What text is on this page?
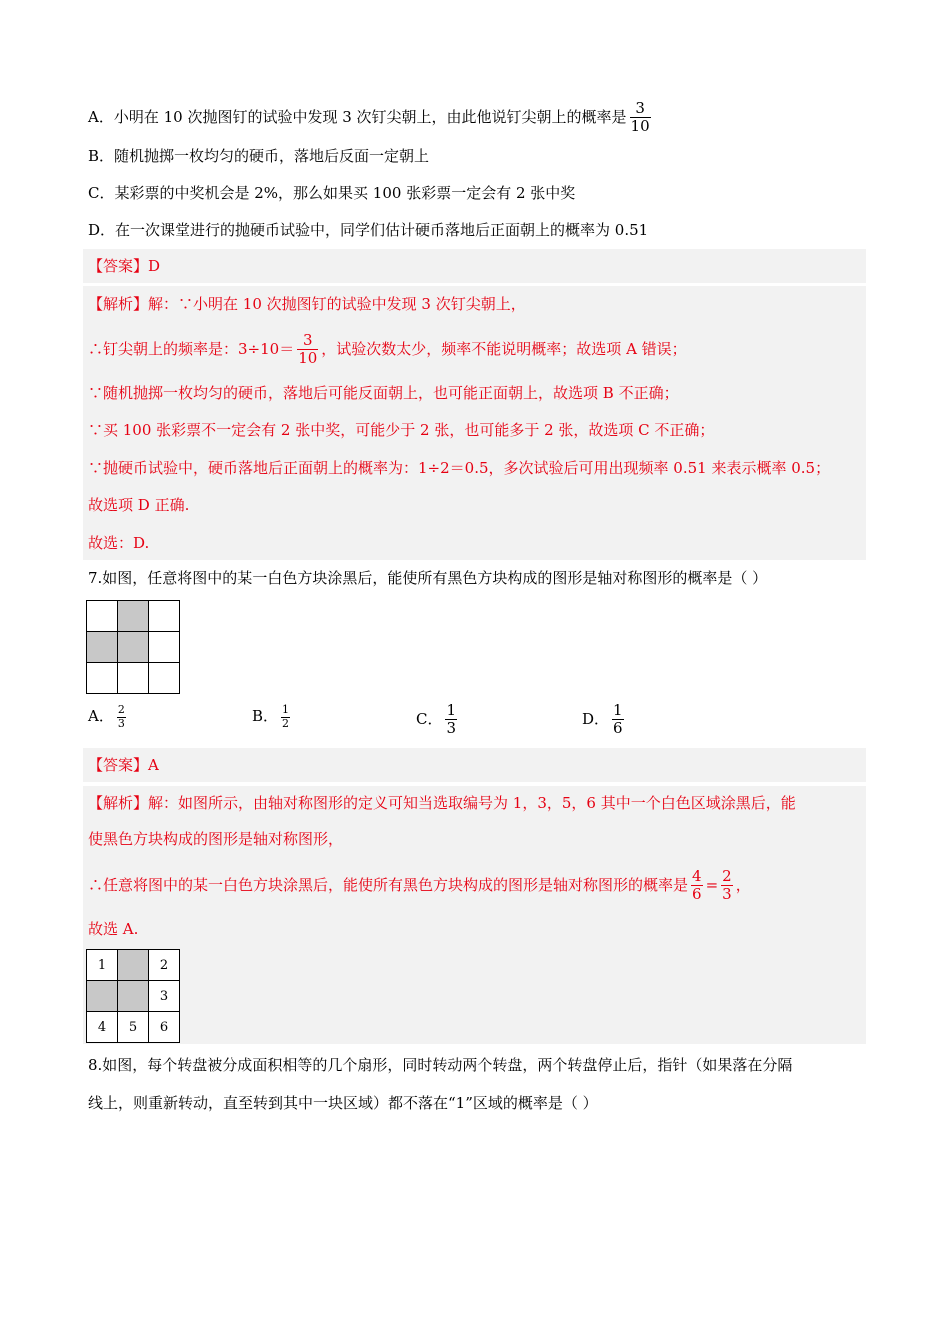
A．小明在 10 次抛图钉的试验中发现 3 次钉尖朝上，由此他说钉尖朝上的概率是 $\frac{3}{10}$
B．随机抛掷一枚均匀的硬币，落地后反面一定朝上
C．某彩票的中奖机会是 2%，那么如果买 100 张彩票一定会有 2 张中奖
D．在一次课堂进行的抛硬币试验中，同学们估计硬币落地后正面朝上的概率为 0.51
【答案】D
【解析】解：∵小明在 10 次抛图钉的试验中发现 3 次钉尖朝上，
∴钉尖朝上的频率是：$3\div 10= \frac{3}{10}$ ，试验次数太少，频率不能说明概率；故选项 A 错误；
∵随机抛掷一枚均匀的硬币，落地后可能反面朝上，也可能正面朝上，故选项 B 不正确；
∵买 100 张彩票不一定会有 2 张中奖，可能少于 2 张，也可能多于 2 张，故选项 C 不正确；
∵抛硬币试验中，硬币落地后正面朝上的概率为：1÷2＝0.5，多次试验后可用出现频率 0.51 来表示概率 0.5；
故选项 D 正确.
故选：D.
7.如图，任意将图中的某一白色方块涂黑后，能使所有黑色方块构成的图形是轴对称图形的概率是（ ）

A． $\frac{2}{3}$	B． $\frac{1}{2}$	C． $\frac{1}{3}$	D． $\frac{1}{6}$
【答案】A
【解析】解：如图所示，由轴对称图形的定义可知当选取编号为 1，3，5，6 其中一个白色区域涂黑后，能
使黑色方块构成的图形是轴对称图形，
∴任意将图中的某一白色方块涂黑后，能使所有黑色方块构成的图形是轴对称图形的概率是 $\frac{4}{6} = \frac{2}{3}$ ，
故选 A.
1		2
		3
4	5	6
8.如图，每个转盘被分成面积相等的几个扇形，同时转动两个转盘，两个转盘停止后，指针（如果落在分隔
线上，则重新转动，直至转到其中一块区域）都不落在“1”区域的概率是（ ）
